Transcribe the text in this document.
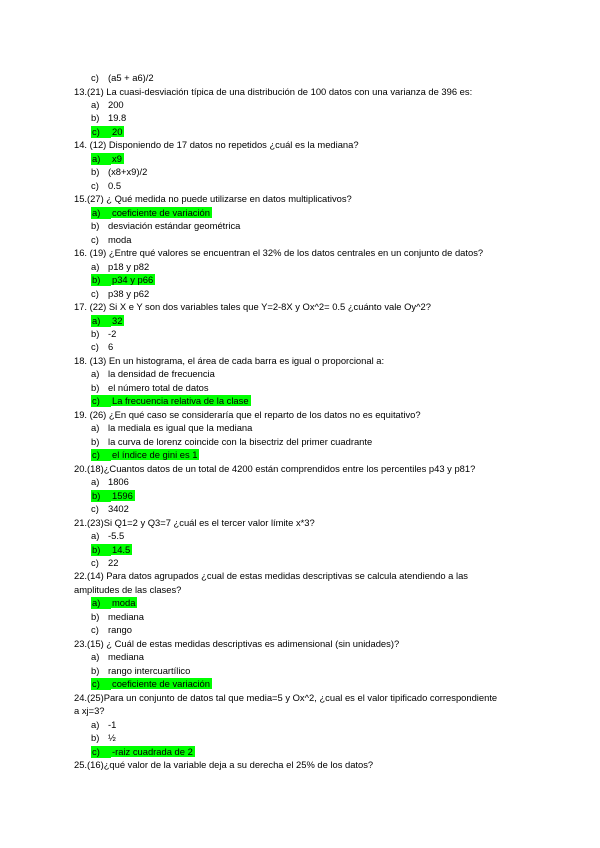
c) (a5 + a6)/2
13.(21) La cuasi-desviación típica de una distribución de 100 datos con una varianza de 396 es:
a) 200
b) 19.8
c) 20
14. (12) Disponiendo de 17 datos no repetidos ¿cuál es la mediana?
a) x9
b) (x8+x9)/2
c) 0.5
15.(27) ¿ Qué medida no puede utilizarse en datos multiplicativos?
a) coeficiente de variación
b) desviación estándar geométrica
c) moda
16. (19) ¿Entre qué valores se encuentran el 32% de los datos centrales en un conjunto de datos?
a) p18 y p82
b) p34 y p66
c) p38 y p62
17. (22) Si X e Y son dos variables tales que Y=2-8X y Ox^2= 0.5 ¿cuánto vale Oy^2?
a) 32
b) -2
c) 6
18. (13) En un histograma, el área de cada barra es igual o proporcional a:
a) la densidad de frecuencia
b) el número total de datos
c) La frecuencia relativa de la clase
19. (26) ¿En qué caso se consideraría que el reparto de los datos no es equitativo?
a) la mediala es igual que la mediana
b) la curva de lorenz coincide con la bisectriz del primer cuadrante
c) el índice de gini es 1
20.(18)¿Cuantos datos de un total de 4200 están comprendidos entre los percentiles p43 y p81?
a) 1806
b) 1596
c) 3402
21.(23)Si Q1=2 y Q3=7 ¿cuál es el tercer valor límite x*3?
a) -5.5
b) 14.5
c) 22
22.(14) Para datos agrupados ¿cual de estas medidas descriptivas se calcula atendiendo a las
amplitudes de las clases?
a) moda
b) mediana
c) rango
23.(15) ¿ Cuál de estas medidas descriptivas es adimensional (sin unidades)?
a) mediana
b) rango intercuartílico
c) coeficiente de variación
24.(25)Para un conjunto de datos tal que media=5 y Ox^2, ¿cual es el valor tipificado correspondiente
a xj=3?
a) -1
b) ½
c) -raiz cuadrada de 2
25.(16)¿qué valor de la variable deja a su derecha el 25% de los datos?
